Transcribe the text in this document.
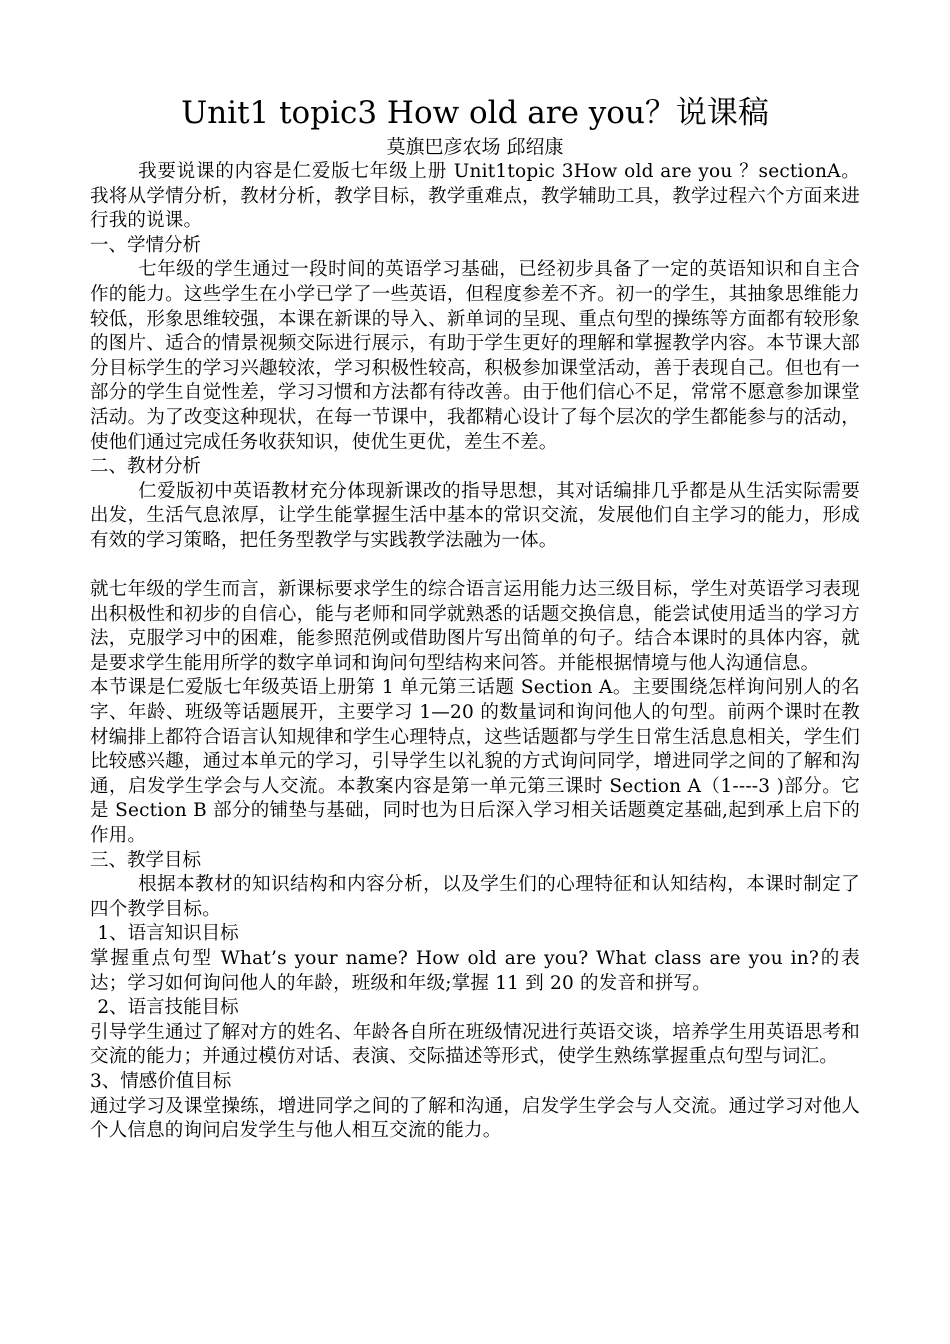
Unit1 topic3 How old are you？说课稿

莫旗巴彦农场 邱绍康

我要说课的内容是仁爱版七年级上册 Unit1topic 3How old are you ？sectionA。我将从学情分析，教材分析，教学目标，教学重难点，教学辅助工具，教学过程六个方面来进行我的说课。

一、学情分析

七年级的学生通过一段时间的英语学习基础，已经初步具备了一定的英语知识和自主合作的能力。这些学生在小学已学了一些英语，但程度参差不齐。初一的学生，其抽象思维能力较低，形象思维较强，本课在新课的导入、新单词的呈现、重点句型的操练等方面都有较形象的图片、适合的情景视频交际进行展示，有助于学生更好的理解和掌握教学内容。本节课大部分目标学生的学习兴趣较浓，学习积极性较高，积极参加课堂活动，善于表现自己。但也有一部分的学生自觉性差，学习习惯和方法都有待改善。由于他们信心不足，常常不愿意参加课堂活动。为了改变这种现状，在每一节课中，我都精心设计了每个层次的学生都能参与的活动，使他们通过完成任务收获知识，使优生更优，差生不差。

二、教材分析

仁爱版初中英语教材充分体现新课改的指导思想，其对话编排几乎都是从生活实际需要出发，生活气息浓厚，让学生能掌握生活中基本的常识交流，发展他们自主学习的能力，形成有效的学习策略，把任务型教学与实践教学法融为一体。

就七年级的学生而言，新课标要求学生的综合语言运用能力达三级目标，学生对英语学习表现出积极性和初步的自信心，能与老师和同学就熟悉的话题交换信息，能尝试使用适当的学习方法，克服学习中的困难，能参照范例或借助图片写出简单的句子。结合本课时的具体内容，就是要求学生能用所学的数字单词和询问句型结构来问答。并能根据情境与他人沟通信息。

本节课是仁爱版七年级英语上册第 1 单元第三话题 Section A。主要围绕怎样询问别人的名字、年龄、班级等话题展开，主要学习 1—20 的数量词和询问他人的句型。前两个课时在教材编排上都符合语言认知规律和学生心理特点，这些话题都与学生日常生活息息相关，学生们比较感兴趣，通过本单元的学习，引导学生以礼貌的方式询问同学，增进同学之间的了解和沟通，启发学生学会与人交流。本教案内容是第一单元第三课时 Section A（1----3 )部分。它是 Section B 部分的铺垫与基础，同时也为日后深入学习相关话题奠定基础,起到承上启下的作用。

三、教学目标

根据本教材的知识结构和内容分析，以及学生们的心理特征和认知结构，本课时制定了四个教学目标。

1、语言知识目标

掌握重点句型 What’s your name? How old are you? What class are you in?的表达；学习如何询问他人的年龄，班级和年级;掌握 11 到 20 的发音和拼写。

2、语言技能目标

引导学生通过了解对方的姓名、年龄各自所在班级情况进行英语交谈，培养学生用英语思考和交流的能力；并通过模仿对话、表演、交际描述等形式，使学生熟练掌握重点句型与词汇。

3、情感价值目标

通过学习及课堂操练，增进同学之间的了解和沟通，启发学生学会与人交流。通过学习对他人个人信息的询问启发学生与他人相互交流的能力。
